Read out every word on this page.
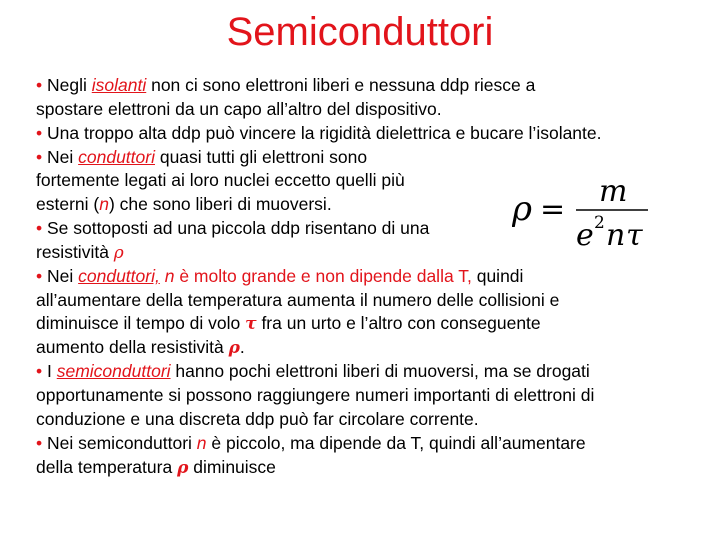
Semiconduttori
• Negli isolanti non ci sono elettroni liberi e nessuna ddp riesce a
spostare elettroni da un capo all’altro del dispositivo.
• Una troppo alta ddp può vincere la rigidità dielettrica e bucare l’isolante.
• Nei conduttori quasi tutti gli elettroni sono
fortemente legati ai loro nuclei eccetto quelli più
esterni (n) che sono liberi di muoversi.
• Se sottoposti ad una piccola ddp risentano di una
resistività ρ
• Nei conduttori, n è molto grande e non dipende dalla T, quindi
all’aumentare della temperatura aumenta il numero delle collisioni e
diminuisce il tempo di volo τ fra un urto e l’altro con conseguente
aumento della resistività ρ.
• I semiconduttori hanno pochi elettroni liberi di muoversi, ma se drogati
opportunamente si possono raggiungere numeri importanti di elettroni di
conduzione e una discreta ddp può far circolare corrente.
• Nei semiconduttori n è piccolo, ma dipende da T, quindi all’aumentare
della temperatura ρ diminuisce
ρ =
m
e 2 n τ
